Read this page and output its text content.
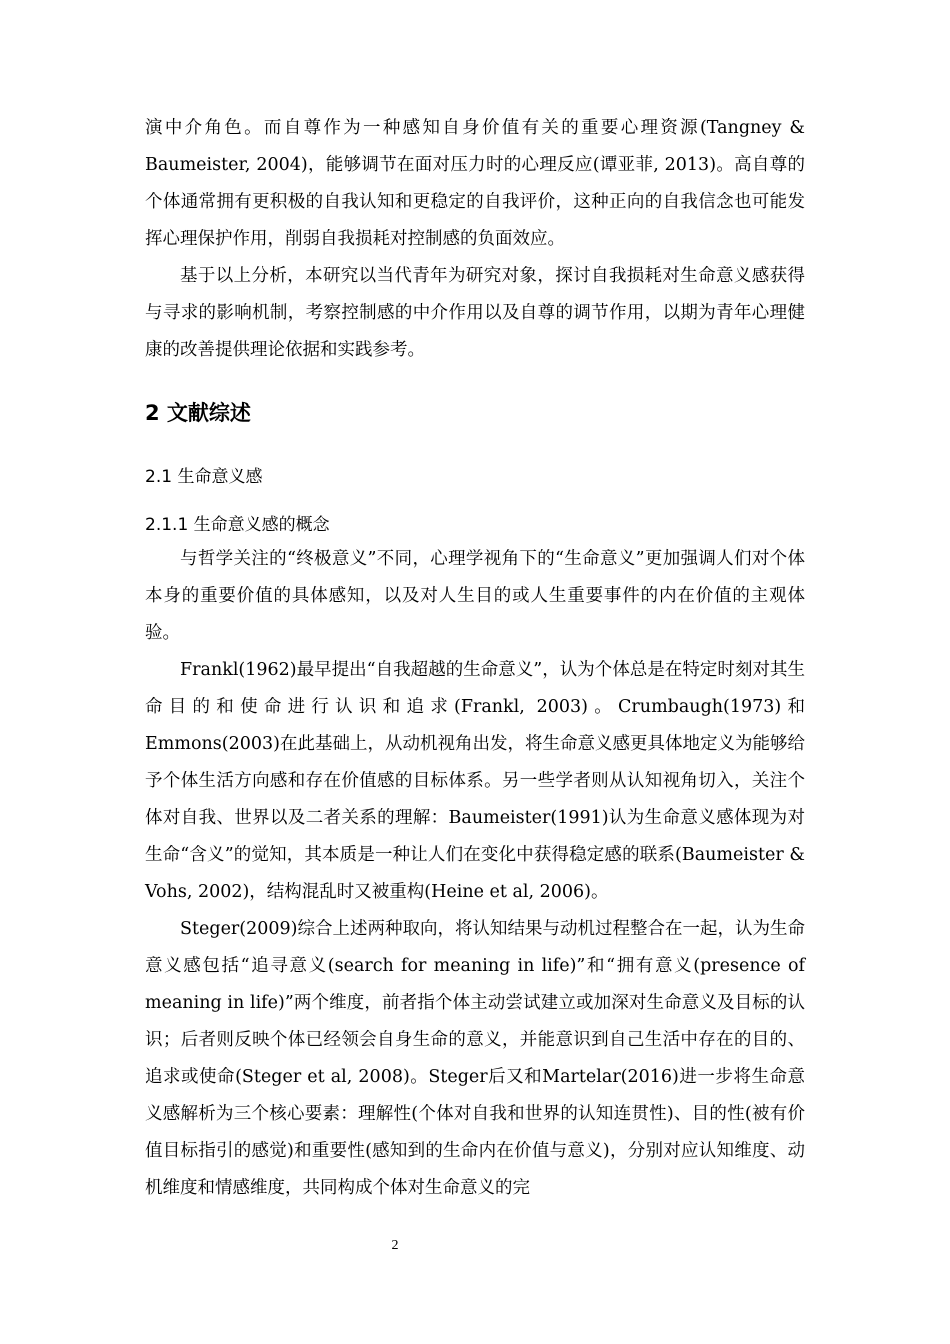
演中介角色。而自尊作为一种感知自身价值有关的重要心理资源(Tangney & Baumeister, 2004)，能够调节在面对压力时的心理反应(谭亚菲, 2013)。高自尊的个体通常拥有更积极的自我认知和更稳定的自我评价，这种正向的自我信念也可能发挥心理保护作用，削弱自我损耗对控制感的负面效应。

基于以上分析，本研究以当代青年为研究对象，探讨自我损耗对生命意义感获得与寻求的影响机制，考察控制感的中介作用以及自尊的调节作用，以期为青年心理健康的改善提供理论依据和实践参考。

2 文献综述
2.1 生命意义感
2.1.1 生命意义感的概念

与哲学关注的“终极意义”不同，心理学视角下的“生命意义”更加强调人们对个体本身的重要价值的具体感知，以及对人生目的或人生重要事件的内在价值的主观体验。

Frankl(1962)最早提出“自我超越的生命意义”，认为个体总是在特定时刻对其生命目的和使命进行认识和追求(Frankl, 2003)。Crumbaugh(1973)和Emmons(2003)在此基础上，从动机视角出发，将生命意义感更具体地定义为能够给予个体生活方向感和存在价值感的目标体系。另一些学者则从认知视角切入，关注个体对自我、世界以及二者关系的理解：Baumeister(1991)认为生命意义感体现为对生命“含义”的觉知，其本质是一种让人们在变化中获得稳定感的联系(Baumeister & Vohs, 2002)，结构混乱时又被重构(Heine et al, 2006)。

Steger(2009)综合上述两种取向，将认知结果与动机过程整合在一起，认为生命意义感包括“追寻意义(search for meaning in life)”和“拥有意义(presence of meaning in life)”两个维度，前者指个体主动尝试建立或加深对生命意义及目标的认识；后者则反映个体已经领会自身生命的意义，并能意识到自己生活中存在的目的、追求或使命(Steger et al, 2008)。Steger后又和Martelar(2016)进一步将生命意义感解析为三个核心要素：理解性(个体对自我和世界的认知连贯性)、目的性(被有价值目标指引的感觉)和重要性(感知到的生命内在价值与意义)，分别对应认知维度、动机维度和情感维度，共同构成个体对生命意义的完

2
